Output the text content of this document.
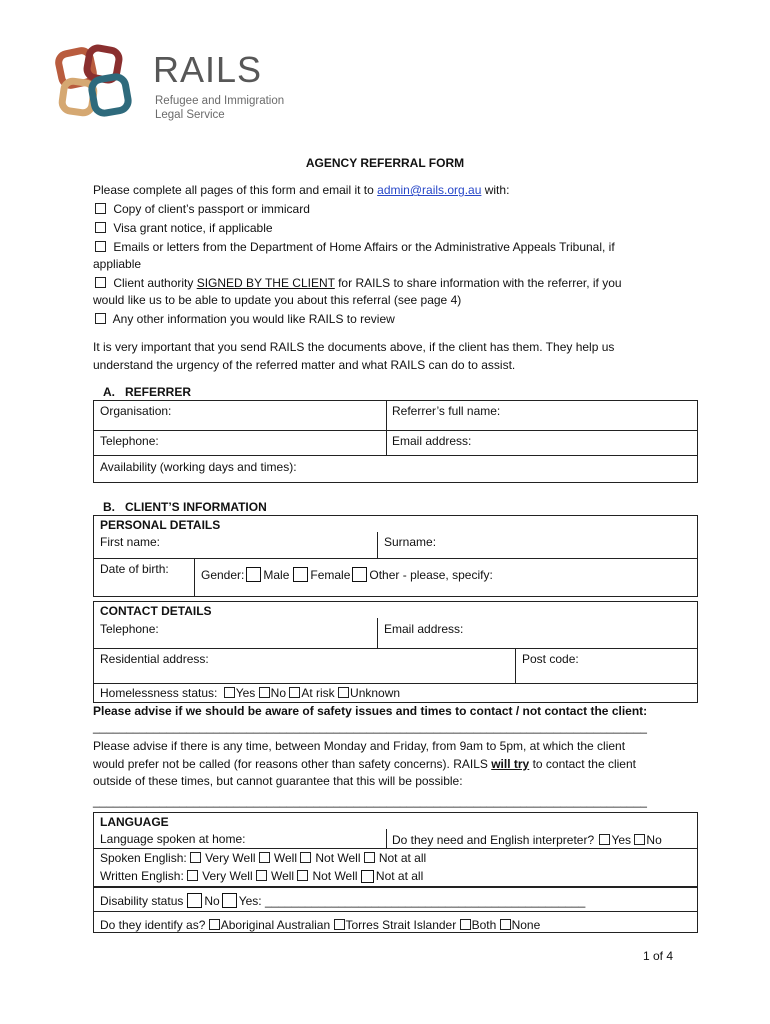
RAILS
Refugee and Immigration
Legal Service
AGENCY REFERRAL FORM
Please complete all pages of this form and email it to admin@rails.org.au with:
Copy of client’s passport or immicard
Visa grant notice, if applicable
Emails or letters from the Department of Home Affairs or the Administrative Appeals Tribunal, if
appliable
Client authority SIGNED BY THE CLIENT for RAILS to share information with the referrer, if you
would like us to be able to update you about this referral (see page 4)
Any other information you would like RAILS to review
It is very important that you send RAILS the documents above, if the client has them. They help us
understand the urgency of the referred matter and what RAILS can do to assist.
A.   REFERRER
Organisation:	Referrer’s full name:
Telephone:	Email address:
Availability (working days and times):
B.   CLIENT’S INFORMATION
PERSONAL DETAILS
First name:	Surname:
Date of birth:	Gender: Male Female Other - please, specify:
CONTACT DETAILS
Telephone:	Email address:
Residential address:	Post code:
Homelessness status: Yes No At risk Unknown
Please advise if we should be aware of safety issues and times to contact / not contact the client:
___________________________________________________________________________________
Please advise if there is any time, between Monday and Friday, from 9am to 5pm, at which the client
would prefer not be called (for reasons other than safety concerns). RAILS will try to contact the client
outside of these times, but cannot guarantee that this will be possible:
___________________________________________________________________________________
LANGUAGE
Language spoken at home:	Do they need and English interpreter? Yes No
Spoken English: Very Well Well Not Well Not at all
Written English: Very Well Well Not Well Not at all
Disability status No Yes: ________________________________________________
Do they identify as? Aboriginal Australian Torres Strait Islander Both None
1 of 4
